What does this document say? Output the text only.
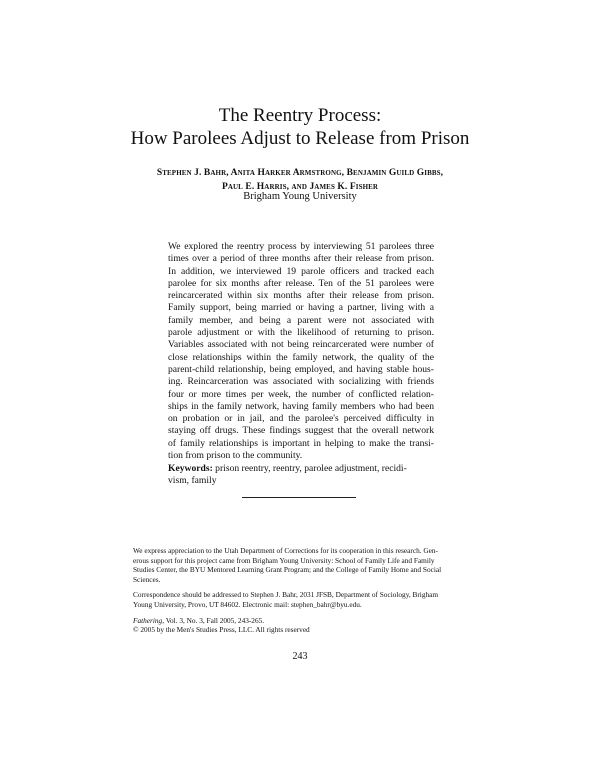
The Reentry Process:
How Parolees Adjust to Release from Prison
Stephen J. Bahr, Anita Harker Armstrong, Benjamin Guild Gibbs,
Paul E. Harris, and James K. Fisher
Brigham Young University
We explored the reentry process by interviewing 51 parolees three
times over a period of three months after their release from prison.
In addition, we interviewed 19 parole officers and tracked each
parolee for six months after release. Ten of the 51 parolees were
reincarcerated within six months after their release from prison.
Family support, being married or having a partner, living with a
family member, and being a parent were not associated with
parole adjustment or with the likelihood of returning to prison.
Variables associated with not being reincarcerated were number of
close relationships within the family network, the quality of the
parent-child relationship, being employed, and having stable hous-
ing. Reincarceration was associated with socializing with friends
four or more times per week, the number of conflicted relation-
ships in the family network, having family members who had been
on probation or in jail, and the parolee's perceived difficulty in
staying off drugs. These findings suggest that the overall network
of family relationships is important in helping to make the transi-
tion from prison to the community.
Keywords: prison reentry, reentry, parolee adjustment, recidi-
vism, family
We express appreciation to the Utah Department of Corrections for its cooperation in this research. Gen-
erous support for this project came from Brigham Young University: School of Family Life and Family
Studies Center, the BYU Mentored Learning Grant Program; and the College of Family Home and Social
Sciences.
Correspondence should be addressed to Stephen J. Bahr, 2031 JFSB, Department of Sociology, Brigham
Young University, Provo, UT 84602. Electronic mail: stephen_bahr@byu.edu.
Fathering, Vol. 3, No. 3, Fall 2005, 243-265.
© 2005 by the Men's Studies Press, LLC. All rights reserved
243
